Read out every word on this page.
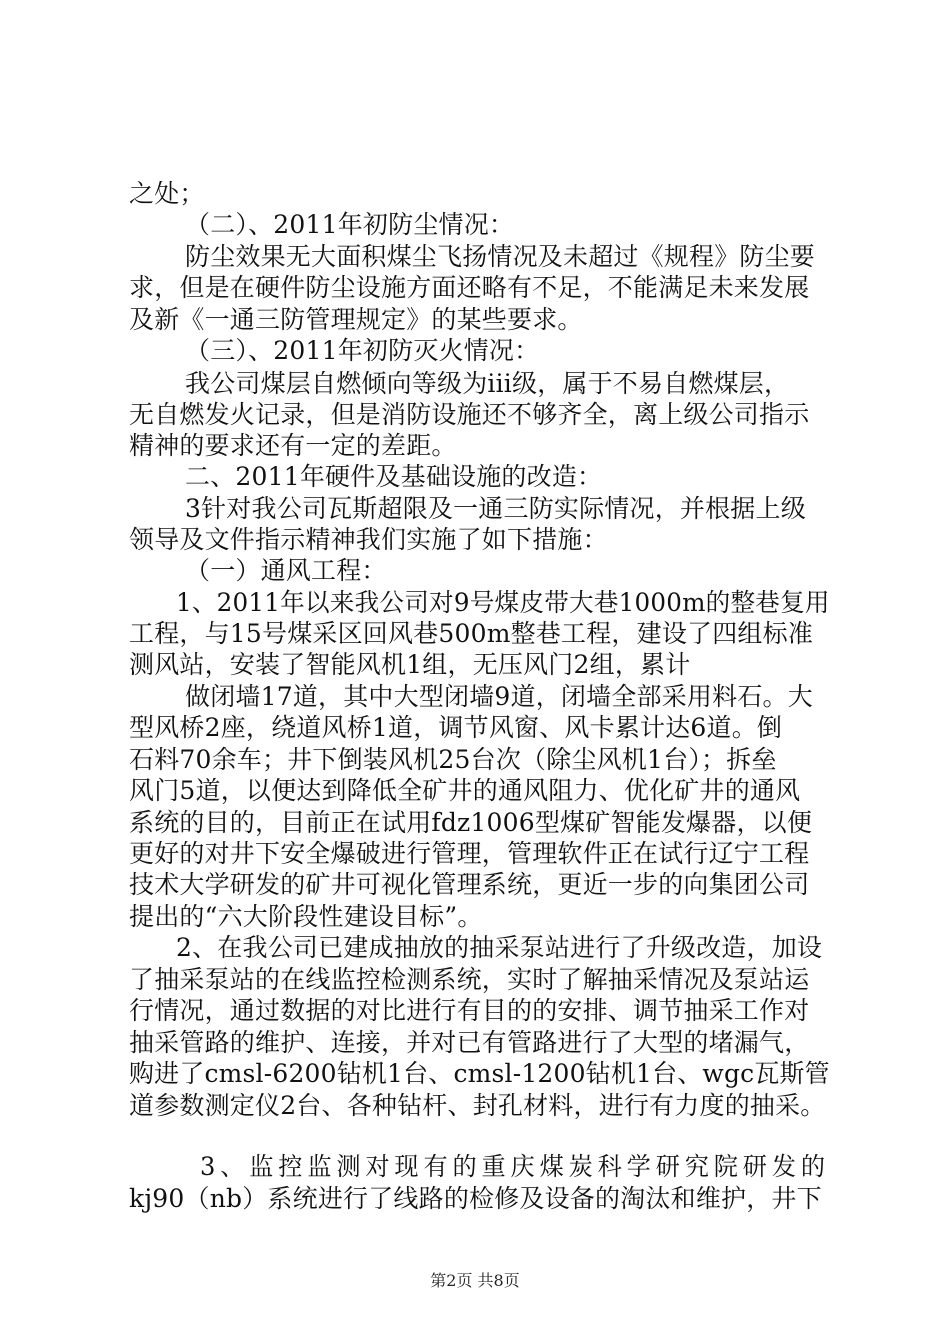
之处；
（二）、2011年初防尘情况：
防尘效果无大面积煤尘飞扬情况及未超过《规程》防尘要
求，但是在硬件防尘设施方面还略有不足，不能满足未来发展
及新《一通三防管理规定》的某些要求。
（三）、2011年初防灭火情况：
我公司煤层自燃倾向等级为iii级，属于不易自燃煤层，
无自燃发火记录，但是消防设施还不够齐全，离上级公司指示
精神的要求还有一定的差距。
二、2011年硬件及基础设施的改造：
3针对我公司瓦斯超限及一通三防实际情况，并根据上级
领导及文件指示精神我们实施了如下措施：
（一）通风工程：
1、2011年以来我公司对9号煤皮带大巷1000m的整巷复用
工程，与15号煤采区回风巷500m整巷工程，建设了四组标准
测风站，安装了智能风机1组，无压风门2组，累计
做闭墙17道，其中大型闭墙9道，闭墙全部采用料石。大
型风桥2座，绕道风桥1道，调节风窗、风卡累计达6道。倒
石料70余车；井下倒装风机25台次（除尘风机1台）；拆垒
风门5道，以便达到降低全矿井的通风阻力、优化矿井的通风
系统的目的，目前正在试用fdz1006型煤矿智能发爆器，以便
更好的对井下安全爆破进行管理，管理软件正在试行辽宁工程
技术大学研发的矿井可视化管理系统，更近一步的向集团公司
提出的“六大阶段性建设目标”。
2、在我公司已建成抽放的抽采泵站进行了升级改造，加设
了抽采泵站的在线监控检测系统，实时了解抽采情况及泵站运
行情况，通过数据的对比进行有目的的安排、调节抽采工作对
抽采管路的维护、连接，并对已有管路进行了大型的堵漏气，
购进了cmsl-6200钻机1台、cmsl-1200钻机1台、wgc瓦斯管
道参数测定仪2台、各种钻杆、封孔材料，进行有力度的抽采。
3、监控监测对现有的重庆煤炭科学研究院研发的
kj90（nb）系统进行了线路的检修及设备的淘汰和维护，井下
第2页 共8页
